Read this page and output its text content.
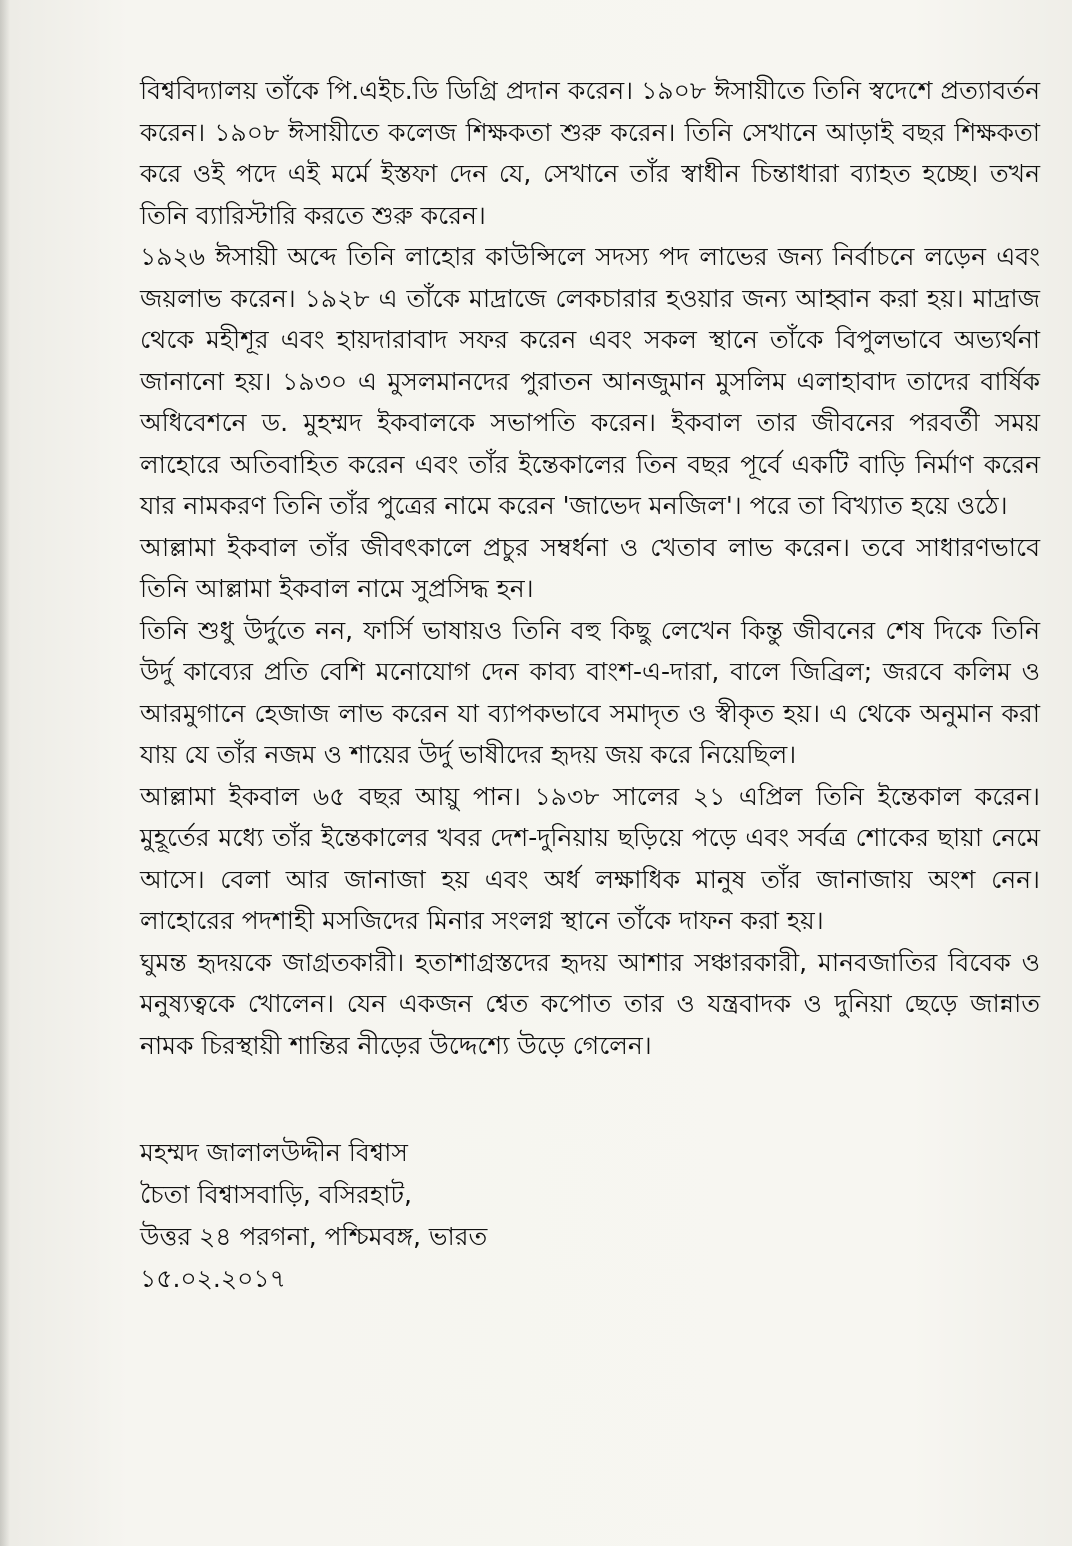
বিশ্ববিদ্যালয় তাঁকে পি.এইচ.ডি ডিগ্রি প্রদান করেন। ১৯০৮ ঈসায়ীতে তিনি স্বদেশে প্রত্যাবর্তন করেন। ১৯০৮ ঈসায়ীতে কলেজ শিক্ষকতা শুরু করেন। তিনি সেখানে আড়াই বছর শিক্ষকতা করে ওই পদে এই মর্মে ইস্তফা দেন যে, সেখানে তাঁর স্বাধীন চিন্তাধারা ব্যাহত হচ্ছে। তখন তিনি ব্যারিস্টারি করতে শুরু করেন।

১৯২৬ ঈসায়ী অব্দে তিনি লাহোর কাউন্সিলে সদস্য পদ লাভের জন্য নির্বাচনে লড়েন এবং জয়লাভ করেন। ১৯২৮ এ তাঁকে মাদ্রাজে লেকচারার হওয়ার জন্য আহ্বান করা হয়। মাদ্রাজ থেকে মহীশূর এবং হায়দারাবাদ সফর করেন এবং সকল স্থানে তাঁকে বিপুলভাবে অভ্যর্থনা জানানো হয়। ১৯৩০ এ মুসলমানদের পুরাতন আনজুমান মুসলিম এলাহাবাদ তাদের বার্ষিক অধিবেশনে ড. মুহম্মদ ইকবালকে সভাপতি করেন। ইকবাল তার জীবনের পরবর্তী সময় লাহোরে অতিবাহিত করেন এবং তাঁর ইন্তেকালের তিন বছর পূর্বে একটি বাড়ি নির্মাণ করেন যার নামকরণ তিনি তাঁর পুত্রের নামে করেন 'জাভেদ মনজিল'। পরে তা বিখ্যাত হয়ে ওঠে।

আল্লামা ইকবাল তাঁর জীবৎকালে প্রচুর সম্বর্ধনা ও খেতাব লাভ করেন। তবে সাধারণভাবে তিনি আল্লামা ইকবাল নামে সুপ্রসিদ্ধ হন।

তিনি শুধু উর্দুতে নন, ফার্সি ভাষায়ও তিনি বহু কিছু লেখেন কিন্তু জীবনের শেষ দিকে তিনি উর্দু কাব্যের প্রতি বেশি মনোযোগ দেন কাব্য বাংশ-এ-দারা, বালে জিব্রিল; জরবে কলিম ও আরমুগানে হেজাজ লাভ করেন যা ব্যাপকভাবে সমাদৃত ও স্বীকৃত হয়। এ থেকে অনুমান করা যায় যে তাঁর নজম ও শায়ের উর্দু ভাষীদের হৃদয় জয় করে নিয়েছিল।

আল্লামা ইকবাল ৬৫ বছর আয়ু পান। ১৯৩৮ সালের ২১ এপ্রিল তিনি ইন্তেকাল করেন। মুহূর্তের মধ্যে তাঁর ইন্তেকালের খবর দেশ-দুনিয়ায় ছড়িয়ে পড়ে এবং সর্বত্র শোকের ছায়া নেমে আসে। বেলা আর জানাজা হয় এবং অর্ধ লক্ষাধিক মানুষ তাঁর জানাজায় অংশ নেন। লাহোরের পদশাহী মসজিদের মিনার সংলগ্ন স্থানে তাঁকে দাফন করা হয়।

ঘুমন্ত হৃদয়কে জাগ্রতকারী। হতাশাগ্রস্তদের হৃদয় আশার সঞ্চারকারী, মানবজাতির বিবেক ও মনুষ্যত্বকে খোলেন। যেন একজন শ্বেত কপোত তার ও যন্ত্রবাদক ও দুনিয়া ছেড়ে জান্নাত নামক চিরস্থায়ী শান্তির নীড়ের উদ্দেশ্যে উড়ে গেলেন।

মহম্মদ জালালউদ্দীন বিশ্বাস
চৈতা বিশ্বাসবাড়ি, বসিরহাট,
উত্তর ২৪ পরগনা, পশ্চিমবঙ্গ, ভারত
১৫.০২.২০১৭
